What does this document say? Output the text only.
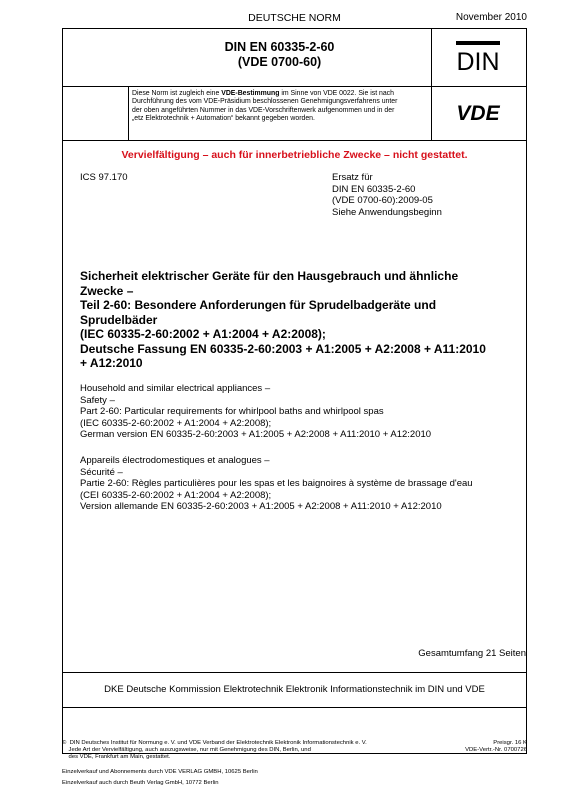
DEUTSCHE NORM	November 2010
DIN EN 60335-2-60
(VDE 0700-60)	DIN
VDE
Diese Norm ist zugleich eine VDE-Bestimmung im Sinne von VDE 0022. Sie ist nach
Durchführung des vom VDE-Präsidium beschlossenen Genehmigungsverfahrens unter
der oben angeführten Nummer in das VDE-Vorschriftenwerk aufgenommen und in der
„etz Elektrotechnik + Automation“ bekannt gegeben worden.
Vervielfältigung – auch für innerbetriebliche Zwecke – nicht gestattet.
ICS 97.170	Ersatz für
DIN EN 60335-2-60
(VDE 0700-60):2009-05
Siehe Anwendungsbeginn
Sicherheit elektrischer Geräte für den Hausgebrauch und ähnliche
Zwecke –
Teil 2-60: Besondere Anforderungen für Sprudelbadgeräte und
Sprudelbäder
(IEC 60335-2-60:2002 + A1:2004 + A2:2008);
Deutsche Fassung EN 60335-2-60:2003 + A1:2005 + A2:2008 + A11:2010
+ A12:2010
Household and similar electrical appliances –
Safety –
Part 2-60: Particular requirements for whirlpool baths and whirlpool spas
(IEC 60335-2-60:2002 + A1:2004 + A2:2008);
German version EN 60335-2-60:2003 + A1:2005 + A2:2008 + A11:2010 + A12:2010
Appareils électrodomestiques et analogues –
Sécurité –
Partie 2-60: Règles particulières pour les spas et les baignoires à système de brassage d'eau
(CEI 60335-2-60:2002 + A1:2004 + A2:2008);
Version allemande EN 60335-2-60:2003 + A1:2005 + A2:2008 + A11:2010 + A12:2010
Gesamtumfang 21 Seiten
DKE Deutsche Kommission Elektrotechnik Elektronik Informationstechnik im DIN und VDE
©  DIN Deutsches Institut für Normung e. V. und VDE Verband der Elektrotechnik Elektronik Informationstechnik e. V.
Jede Art der Vervielfältigung, auch auszugsweise, nur mit Genehmigung des DIN, Berlin, und
des VDE, Frankfurt am Main, gestattet.
Preisgr. 16 K
VDE-Vertr.-Nr. 0700726
Einzelverkauf und Abonnements durch VDE VERLAG GMBH, 10625 Berlin
Einzelverkauf auch durch Beuth Verlag GmbH, 10772 Berlin
